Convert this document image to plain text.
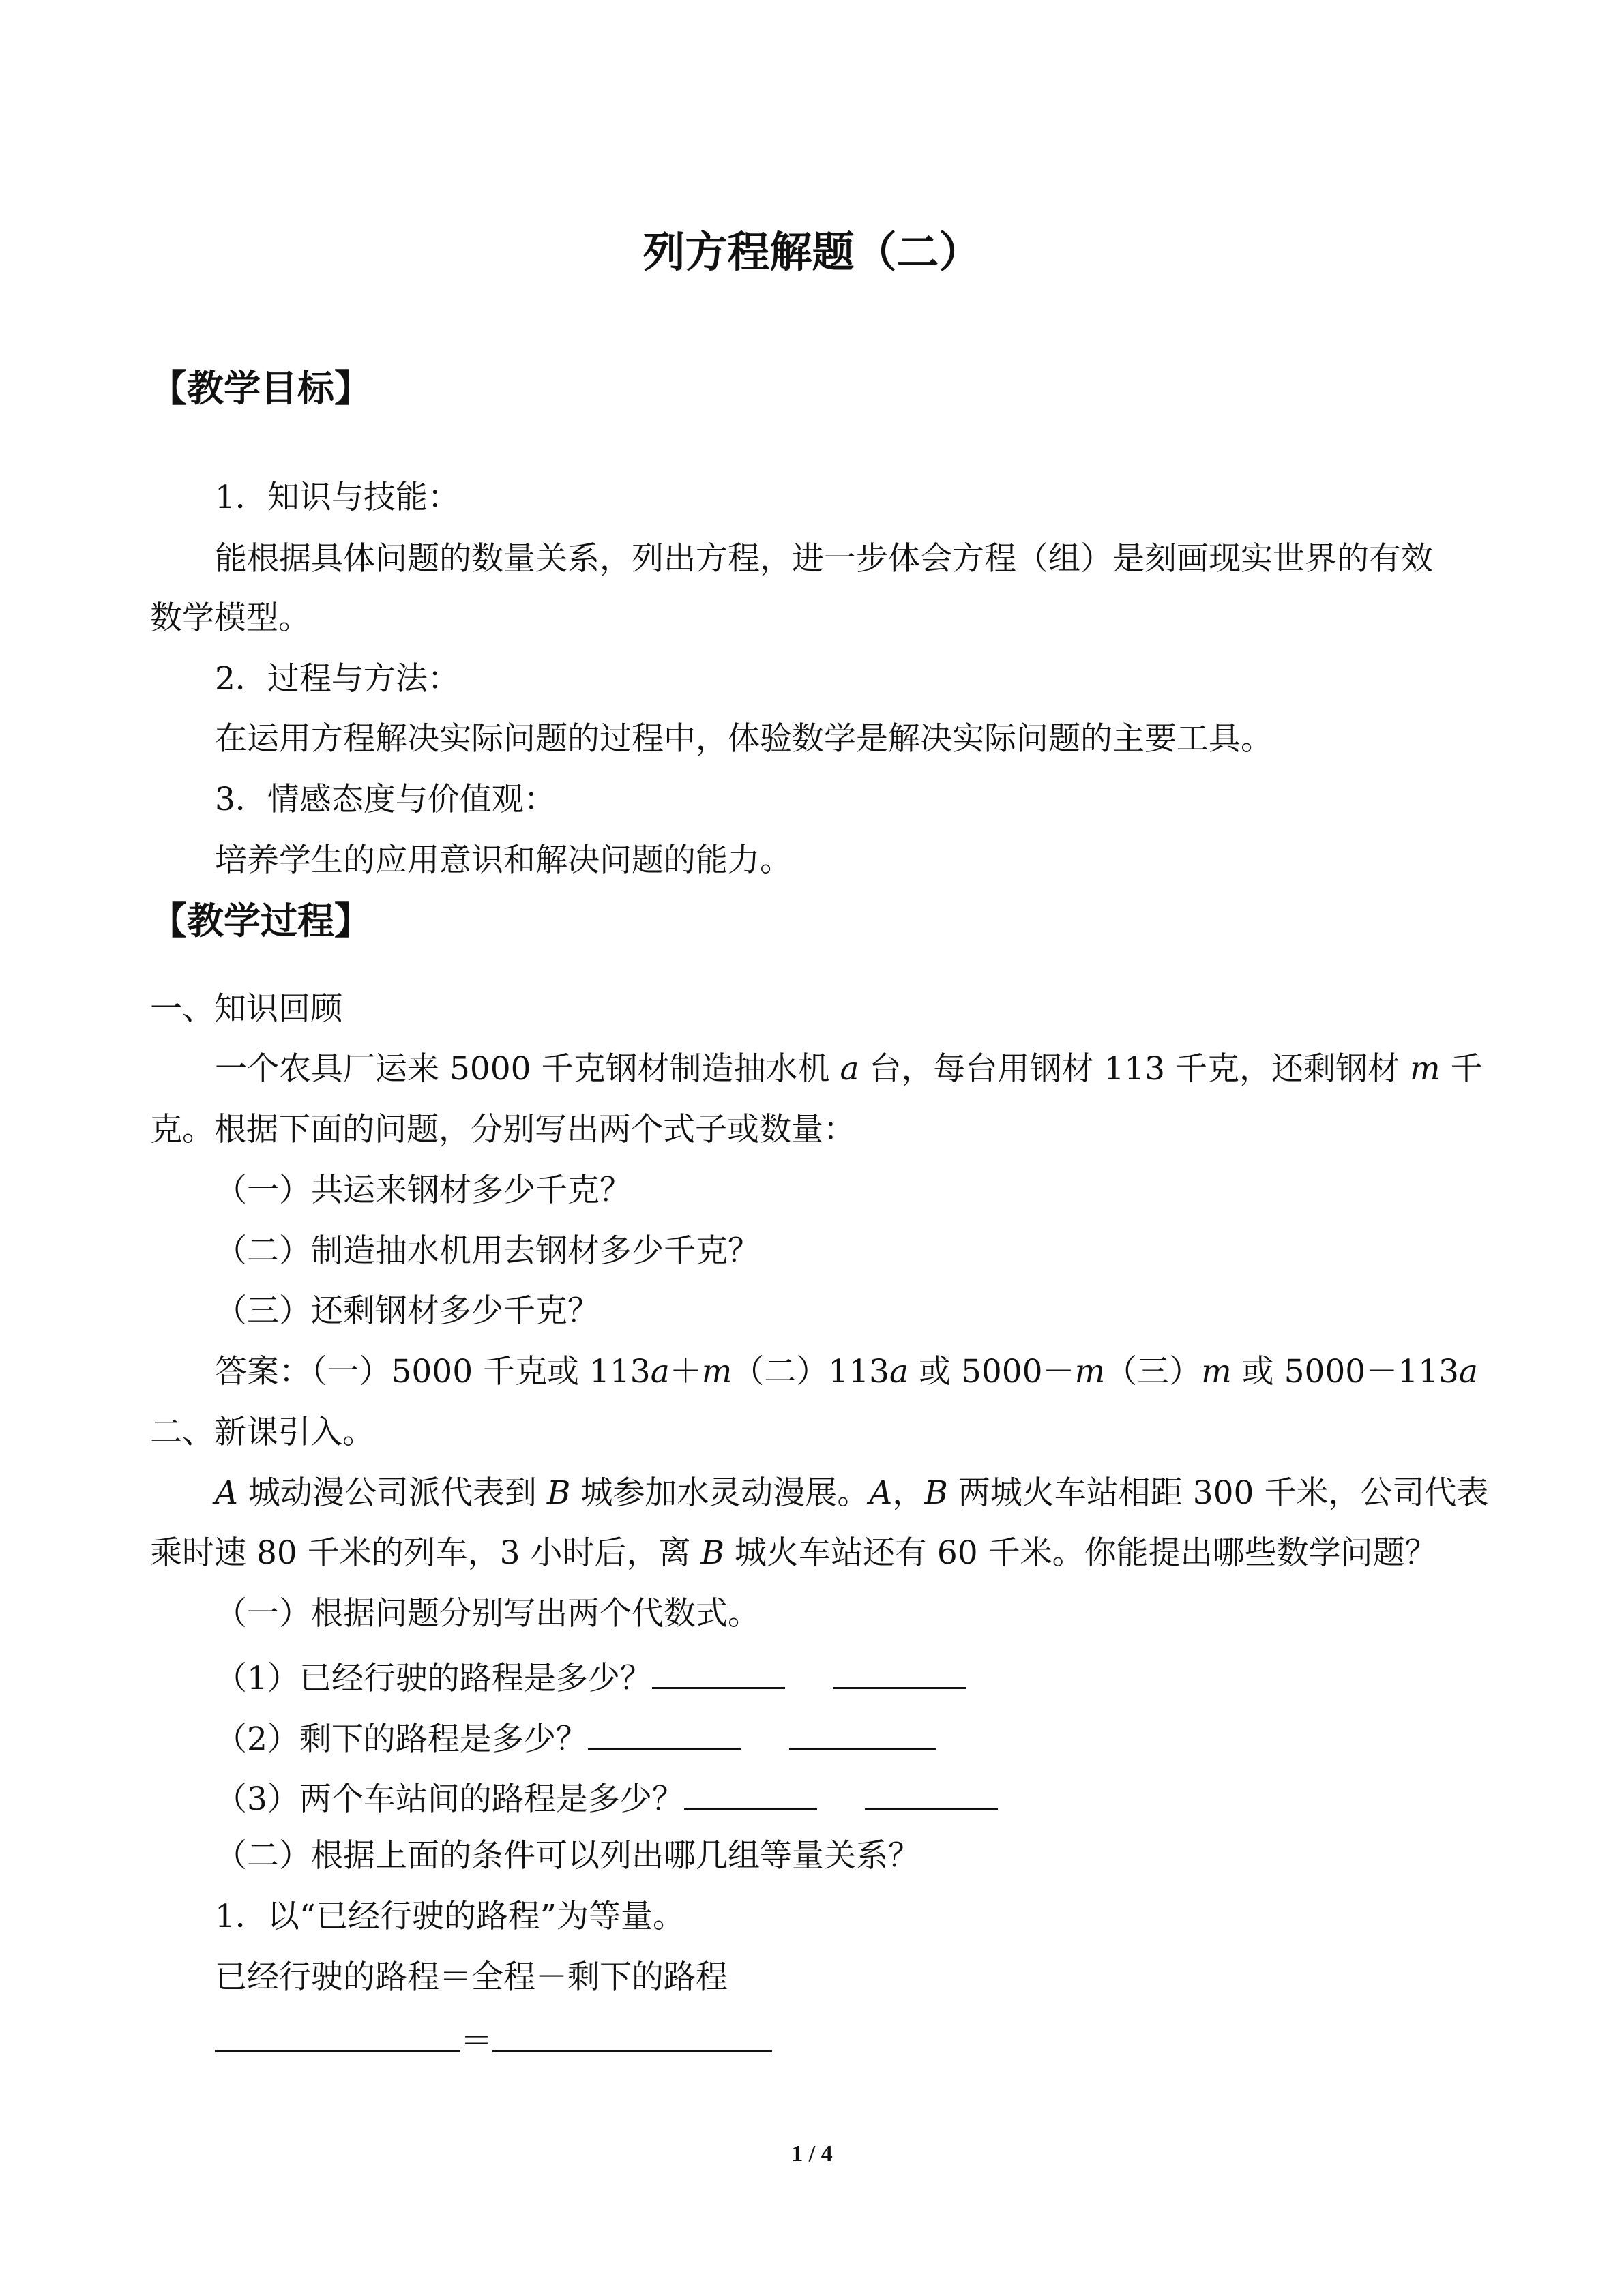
列方程解题（二）
【教学目标】
1．知识与技能：
能根据具体问题的数量关系，列出方程，进一步体会方程（组）是刻画现实世界的有效
数学模型。
2．过程与方法：
在运用方程解决实际问题的过程中，体验数学是解决实际问题的主要工具。
3．情感态度与价值观：
培养学生的应用意识和解决问题的能力。
【教学过程】
一、知识回顾
一个农具厂运来 5000 千克钢材制造抽水机 a 台，每台用钢材 113 千克，还剩钢材 m 千
克。根据下面的问题，分别写出两个式子或数量：
（一）共运来钢材多少千克？
（二）制造抽水机用去钢材多少千克？
（三）还剩钢材多少千克？
答案：（一）5000 千克或 113a＋m（二）113a 或 5000－m（三）m 或 5000－113a
二、新课引入。
A 城动漫公司派代表到 B 城参加水灵动漫展。A，B 两城火车站相距 300 千米，公司代表
乘时速 80 千米的列车，3 小时后，离 B 城火车站还有 60 千米。你能提出哪些数学问题？
（一）根据问题分别写出两个代数式。
（1）已经行驶的路程是多少？
（2）剩下的路程是多少？
（3）两个车站间的路程是多少？
（二）根据上面的条件可以列出哪几组等量关系？
1．以“已经行驶的路程”为等量。
已经行驶的路程＝全程－剩下的路程
＝
1 / 4
